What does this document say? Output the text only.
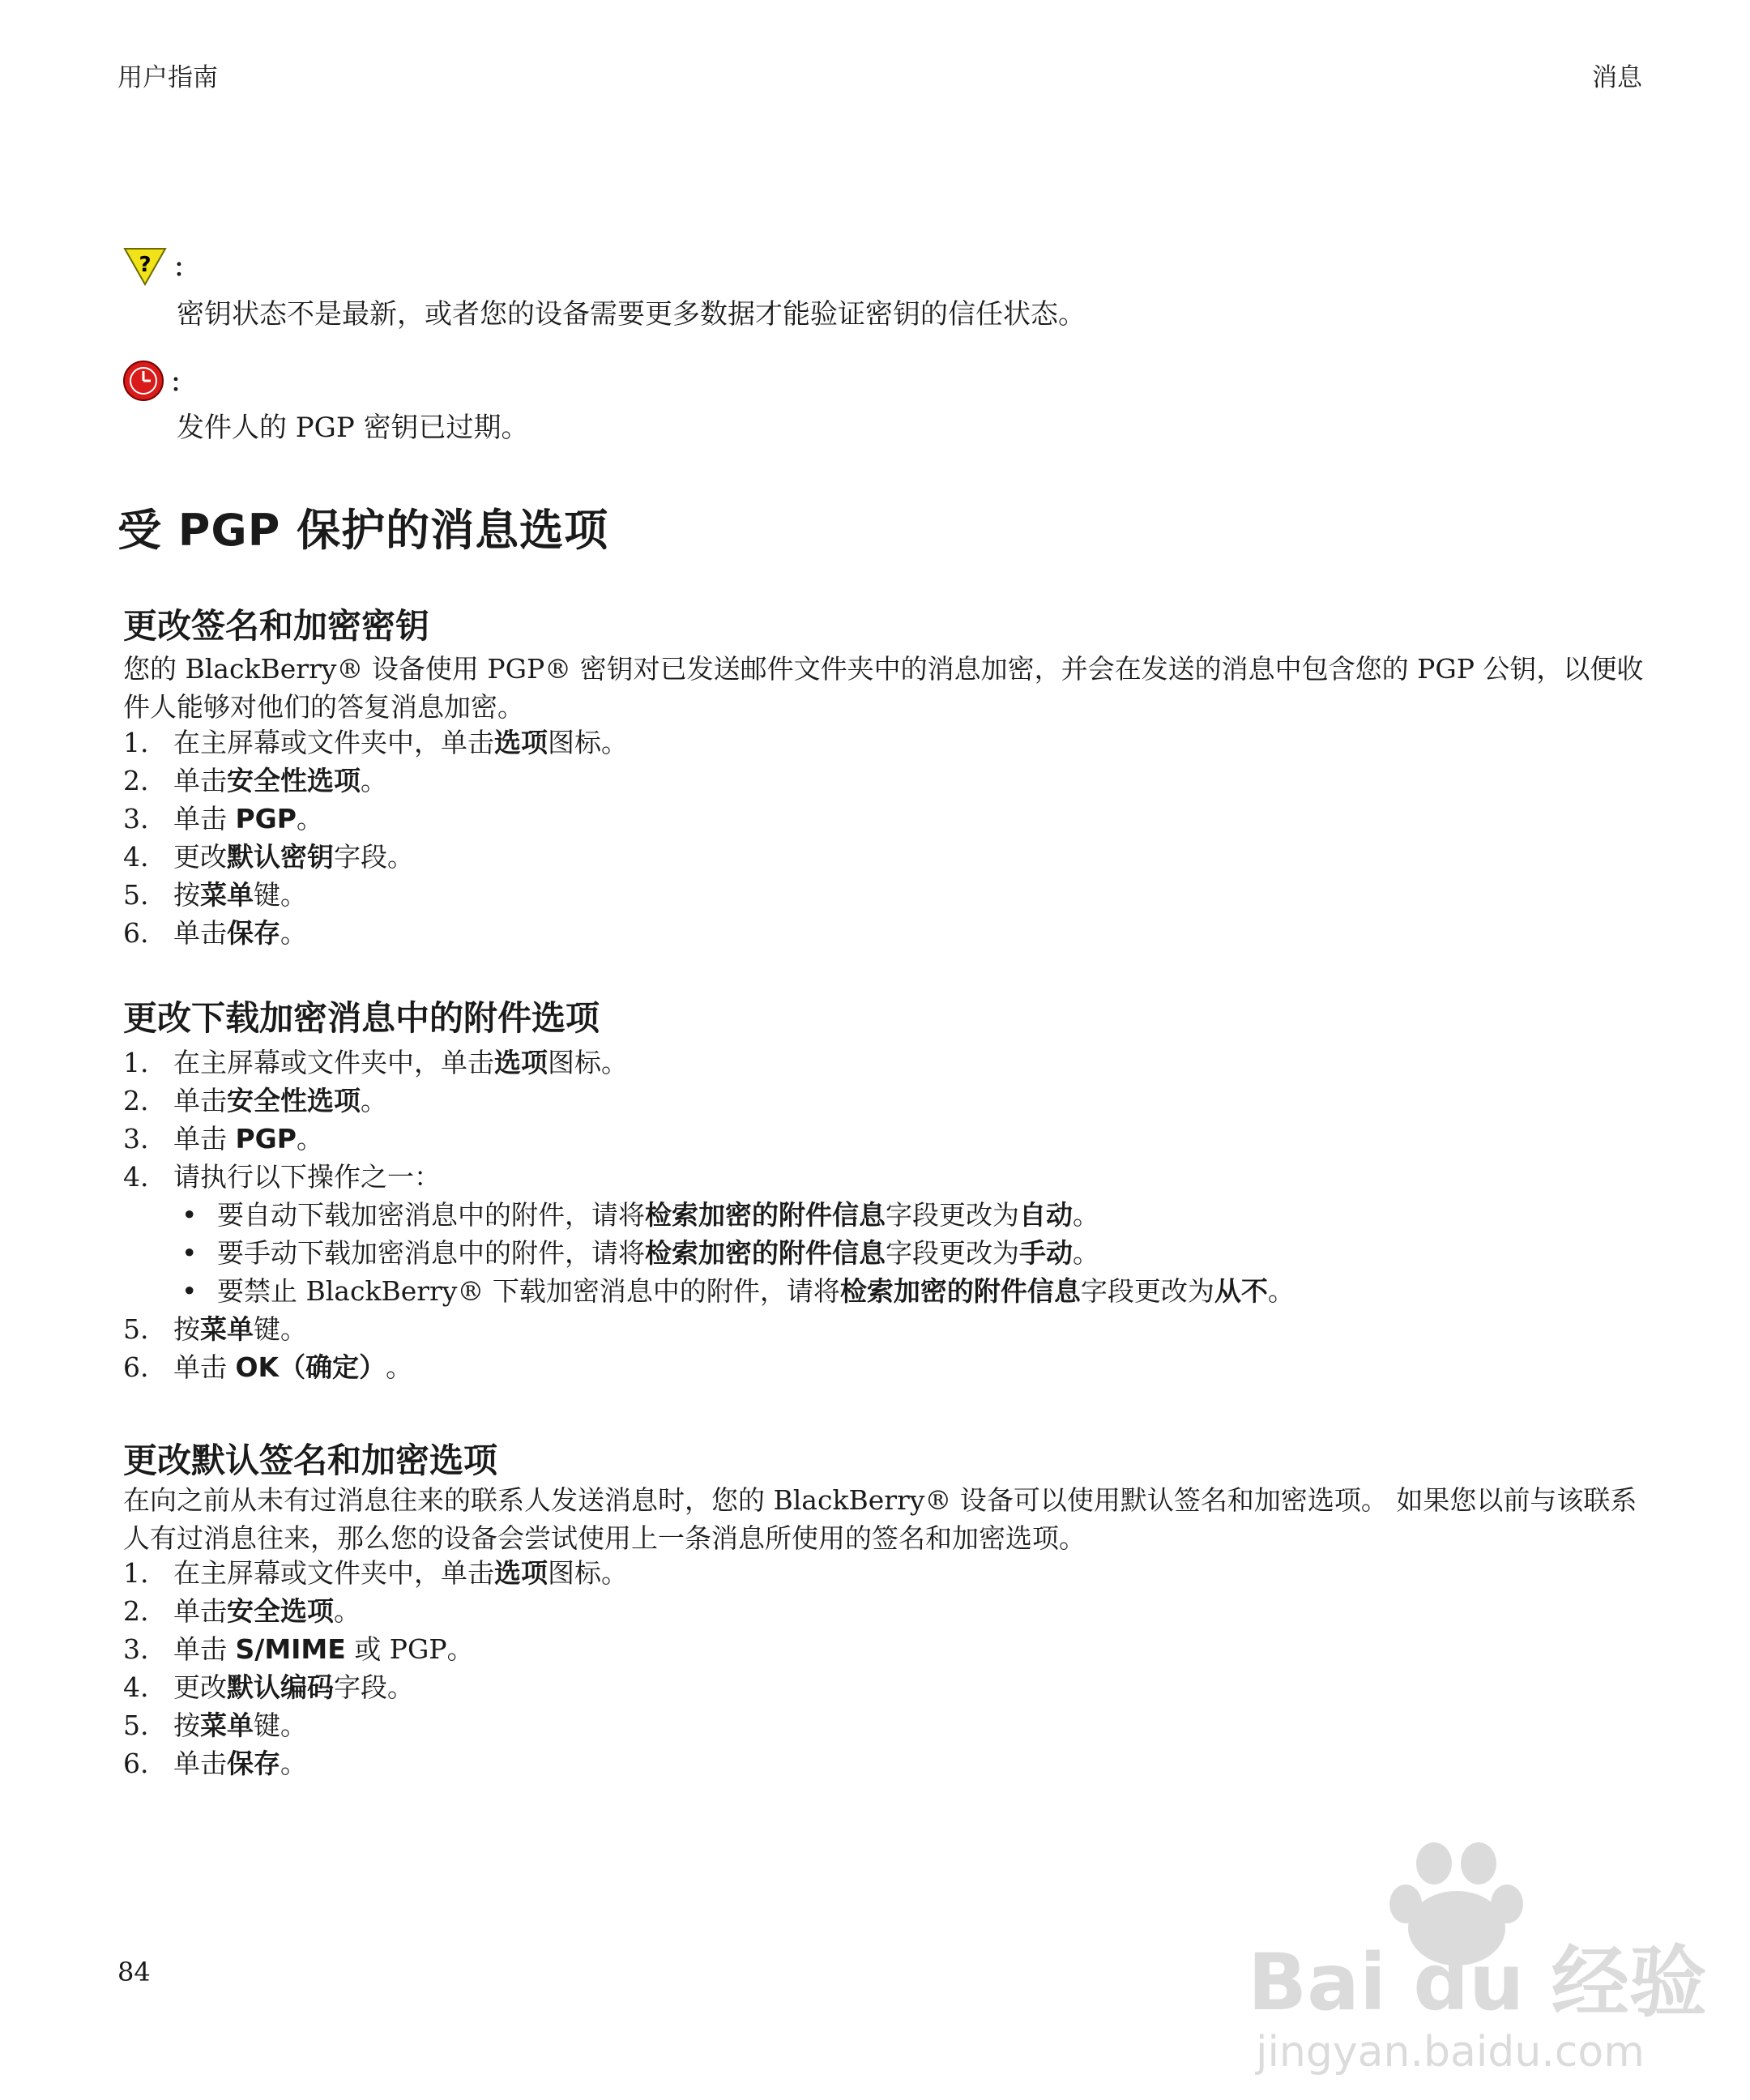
用户指南	消息
? ：
密钥状态不是最新，或者您的设备需要更多数据才能验证密钥的信任状态。
：
发件人的 PGP 密钥已过期。
受 PGP 保护的消息选项
更改签名和加密密钥
您的 BlackBerry® 设备使用 PGP® 密钥对已发送邮件文件夹中的消息加密，并会在发送的消息中包含您的 PGP 公钥，以便收件人能够对他们的答复消息加密。
1. 在主屏幕或文件夹中，单击 选项 图标。
2. 单击 安全性选项 。
3. 单击 PGP 。
4. 更改 默认密钥 字段。
5. 按 菜单 键。
6. 单击 保存 。
更改下载加密消息中的附件选项
1. 在主屏幕或文件夹中，单击 选项 图标。
2. 单击 安全性选项 。
3. 单击 PGP 。
4. 请执行以下操作之一：
• 要自动下载加密消息中的附件，请将 检索加密的附件信息 字段更改为 自动 。
• 要手动下载加密消息中的附件，请将 检索加密的附件信息 字段更改为 手动 。
• 要禁止 BlackBerry® 下载加密消息中的附件，请将 检索加密的附件信息 字段更改为 从不 。
5. 按 菜单 键。
6. 单击 OK（确定） 。
更改默认签名和加密选项
在向之前从未有过消息往来的联系人发送消息时，您的 BlackBerry® 设备可以使用默认签名和加密选项。 如果您以前与该联系人有过消息往来，那么您的设备会尝试使用上一条消息所使用的签名和加密选项。
1. 在主屏幕或文件夹中，单击 选项 图标。
2. 单击 安全选项 。
3. 单击 S/MIME 或 PGP。
4. 更改 默认编码 字段。
5. 按 菜单 键。
6. 单击 保存 。
84	Bai du 经验
jingyan.baidu.com
